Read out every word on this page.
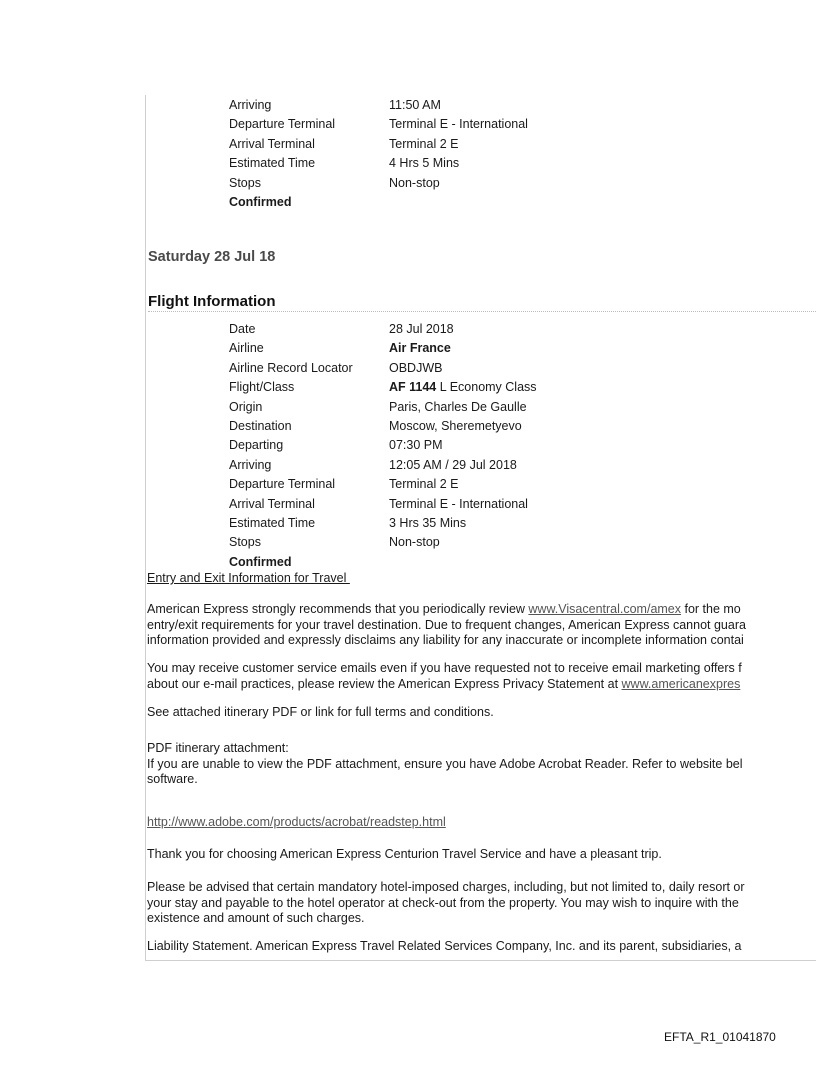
Arriving	11:50 AM
Departure Terminal	Terminal E - International
Arrival Terminal	Terminal 2 E
Estimated Time	4 Hrs 5 Mins
Stops	Non-stop
Confirmed
Saturday 28 Jul 18
Flight Information
Date	28 Jul 2018
Airline	Air France
Airline Record Locator	OBDJWB
Flight/Class	AF 1144 L Economy Class
Origin	Paris, Charles De Gaulle
Destination	Moscow, Sheremetyevo
Departing	07:30 PM
Arriving	12:05 AM / 29 Jul 2018
Departure Terminal	Terminal 2 E
Arrival Terminal	Terminal E - International
Estimated Time	3 Hrs 35 Mins
Stops	Non-stop
Confirmed
Entry and Exit Information for Travel

American Express strongly recommends that you periodically review www.Visacentral.com/amex for the mo

entry/exit requirements for your travel destination. Due to frequent changes, American Express cannot guara

information provided and expressly disclaims any liability for any inaccurate or incomplete information contai

You may receive customer service emails even if you have requested not to receive email marketing offers f

about our e-mail practices, please review the American Express Privacy Statement at www.americanexpres

See attached itinerary PDF or link for full terms and conditions.

PDF itinerary attachment:

If you are unable to view the PDF attachment, ensure you have Adobe Acrobat Reader. Refer to website bel

software.

http://www.adobe.com/products/acrobat/readstep.html

Thank you for choosing American Express Centurion Travel Service and have a pleasant trip.

Please be advised that certain mandatory hotel-imposed charges, including, but not limited to, daily resort or

your stay and payable to the hotel operator at check-out from the property. You may wish to inquire with the

existence and amount of such charges.

Liability Statement. American Express Travel Related Services Company, Inc. and its parent, subsidiaries, a

EFTA_R1_01041870
